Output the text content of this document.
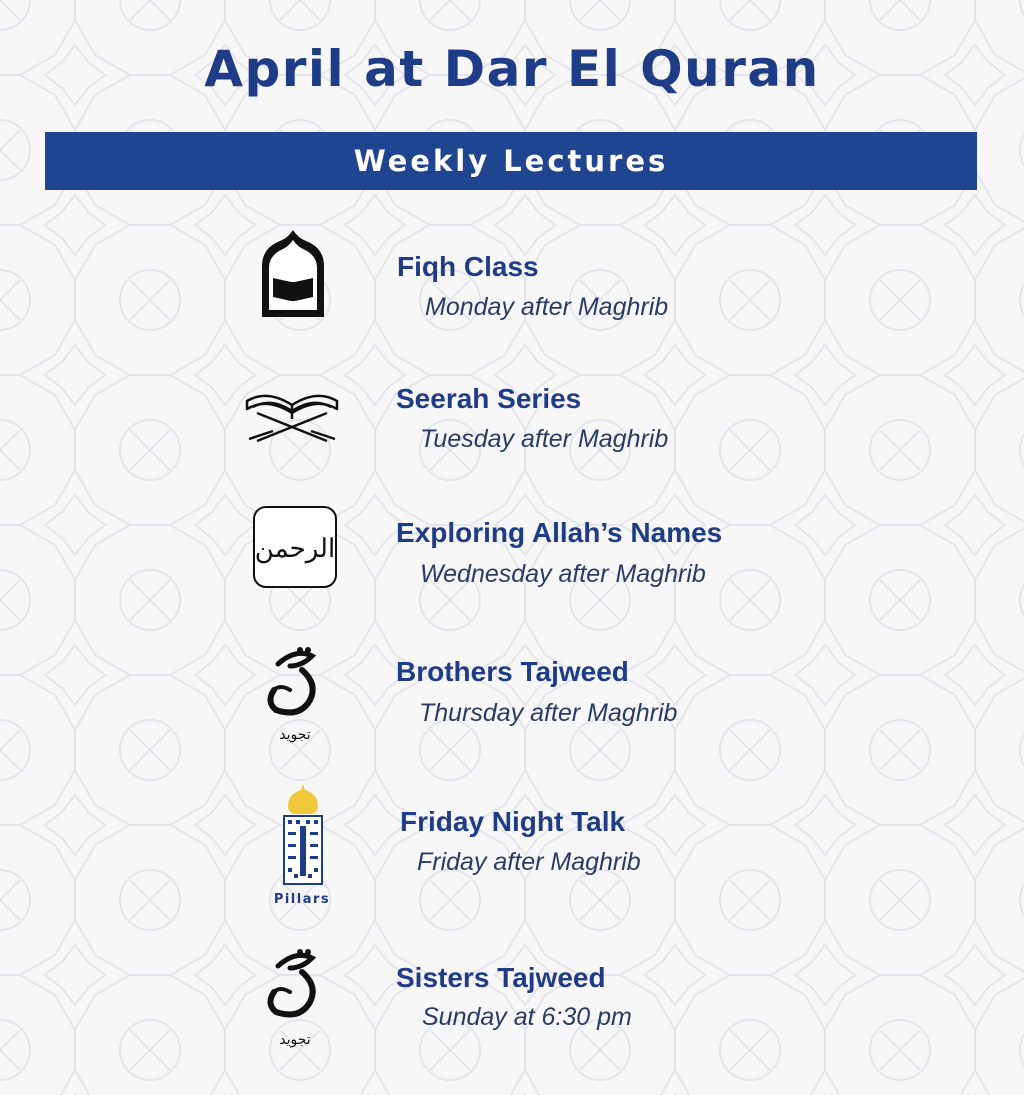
April at Dar El Quran
Weekly Lectures
Fiqh Class
Monday after Maghrib
Seerah Series
Tuesday after Maghrib
الرحمن
Exploring Allah’s Names
Wednesday after Maghrib
تجويد
Brothers Tajweed
Thursday after Maghrib
Pillars
Friday Night Talk
Friday after Maghrib
تجويد
Sisters Tajweed
Sunday at 6:30 pm
